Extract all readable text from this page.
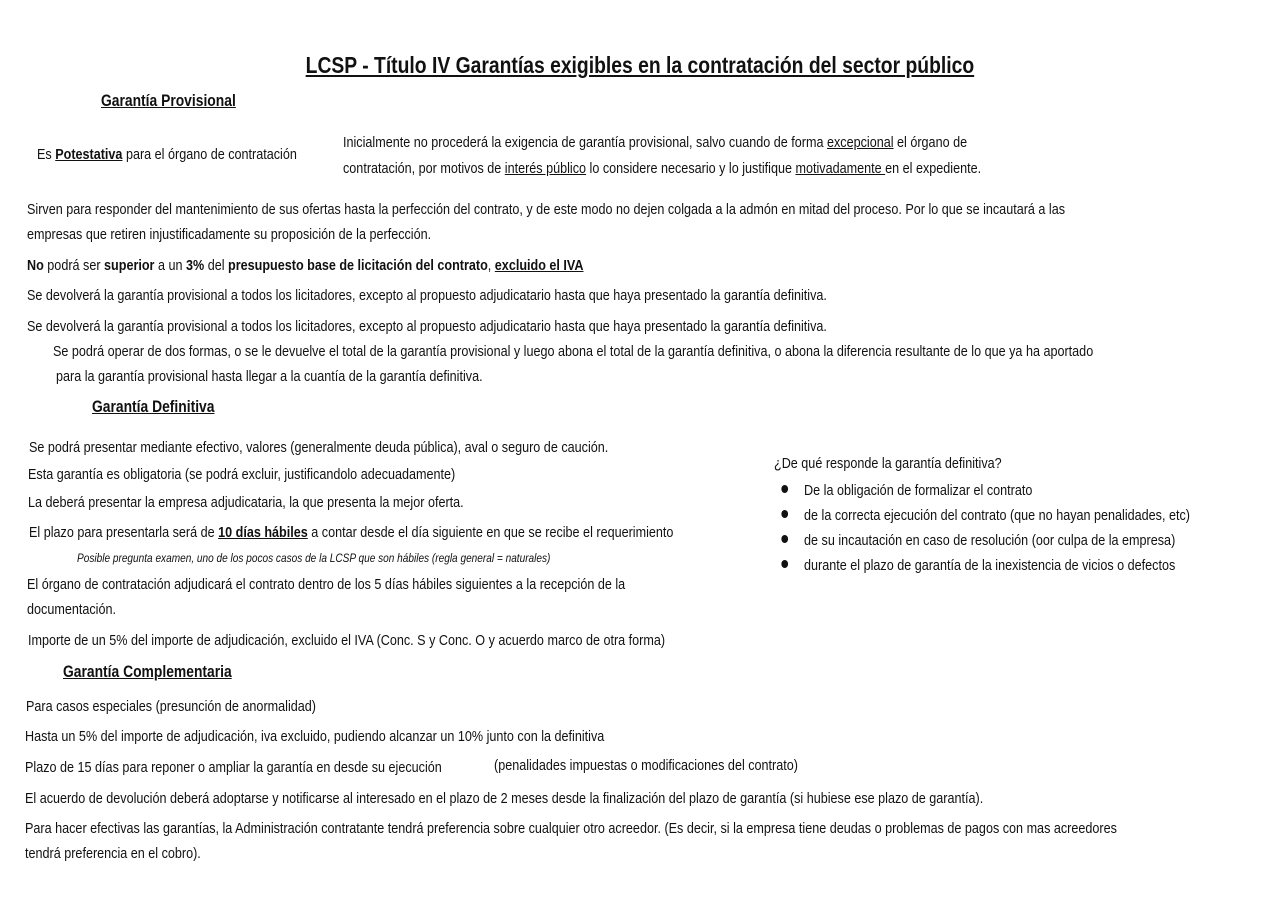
LCSP - Título IV Garantías exigibles en la contratación del sector público
Garantía Provisional
Es Potestativa para el órgano de contratación
Inicialmente no procederá la exigencia de garantía provisional, salvo cuando de forma excepcional el órgano de
contratación, por motivos de interés público lo considere necesario y lo justifique motivadamente en el expediente.
Sirven para responder del mantenimiento de sus ofertas hasta la perfección del contrato, y de este modo no dejen colgada a la admón en mitad del proceso. Por lo que se incautará a las
empresas que retiren injustificadamente su proposición de la perfección.
No podrá ser superior a un 3% del presupuesto base de licitación del contrato, excluido el IVA
Se devolverá la garantía provisional a todos los licitadores, excepto al propuesto adjudicatario hasta que haya presentado la garantía definitiva.
Se devolverá la garantía provisional a todos los licitadores, excepto al propuesto adjudicatario hasta que haya presentado la garantía definitiva.
Se podrá operar de dos formas, o se le devuelve el total de la garantía provisional y luego abona el total de la garantía definitiva, o abona la diferencia resultante de lo que ya ha aportado
para la garantía provisional hasta llegar a la cuantía de la garantía definitiva.
Garantía Definitiva
Se podrá presentar mediante efectivo, valores (generalmente deuda pública), aval o seguro de caución.
Esta garantía es obligatoria (se podrá excluir, justificandolo adecuadamente)
La deberá presentar la empresa adjudicataria, la que presenta la mejor oferta.
El plazo para presentarla será de 10 días hábiles a contar desde el día siguiente en que se recibe el requerimiento
Posible pregunta examen, uno de los pocos casos de la LCSP que son hábiles (regla general = naturales)
El órgano de contratación adjudicará el contrato dentro de los 5 días hábiles siguientes a la recepción de la
documentación.
Importe de un 5% del importe de adjudicación, excluido el IVA (Conc. S y Conc. O y acuerdo marco de otra forma)
¿De qué responde la garantía definitiva?
De la obligación de formalizar el contrato
de la correcta ejecución del contrato (que no hayan penalidades, etc)
de su incautación en caso de resolución (oor culpa de la empresa)
durante el plazo de garantía de la inexistencia de vicios o defectos
Garantía Complementaria
Para casos especiales (presunción de anormalidad)
Hasta un 5% del importe de adjudicación, iva excluido, pudiendo alcanzar un 10% junto con la definitiva
Plazo de 15 días para reponer o ampliar la garantía en desde su ejecución	(penalidades impuestas o modificaciones del contrato)
El acuerdo de devolución deberá adoptarse y notificarse al interesado en el plazo de 2 meses desde la finalización del plazo de garantía (si hubiese ese plazo de garantía).
Para hacer efectivas las garantías, la Administración contratante tendrá preferencia sobre cualquier otro acreedor. (Es decir, si la empresa tiene deudas o problemas de pagos con mas acreedores
tendrá preferencia en el cobro).
